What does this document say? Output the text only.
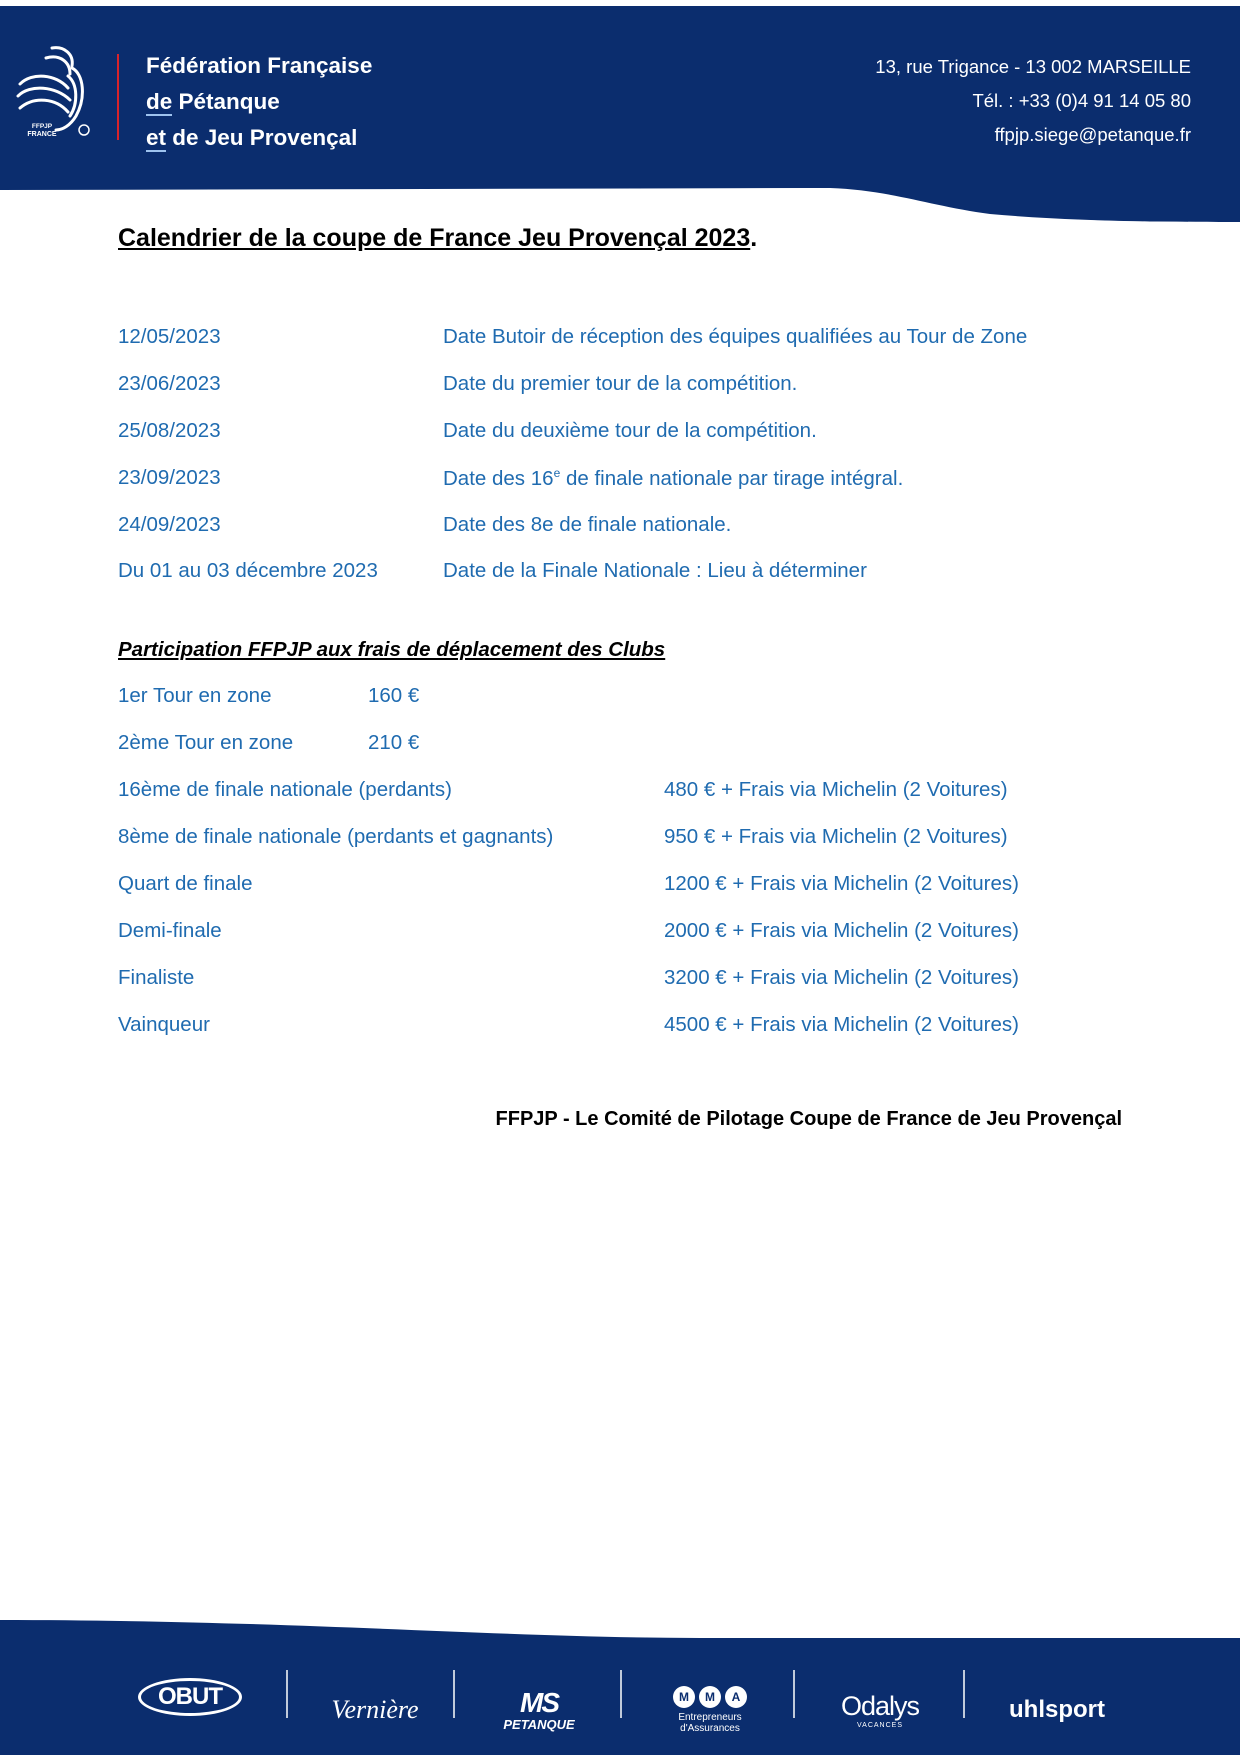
FFPJP
FRANCE
Fédération Française
de Pétanque
et de Jeu Provençal
13, rue Trigance - 13 002 MARSEILLE
Tél. : +33 (0)4 91 14 05 80
ffpjp.siege@petanque.fr
Calendrier de la coupe de France Jeu Provençal 2023.
12/05/2023	Date Butoir de réception des équipes qualifiées au Tour de Zone
23/06/2023	Date du premier tour de la compétition.
25/08/2023	Date du deuxième tour de la compétition.
23/09/2023	Date des 16e de finale nationale par tirage intégral.
24/09/2023	Date des 8e de finale nationale.
Du 01 au 03 décembre 2023	Date de la Finale Nationale : Lieu à déterminer
Participation FFPJP aux frais de déplacement des Clubs
1er Tour en zone	160 €
2ème Tour en zone	210 €
16ème de finale nationale (perdants)	480 € + Frais via Michelin (2 Voitures)
8ème de finale nationale (perdants et gagnants)	950 € + Frais via Michelin (2 Voitures)
Quart de finale	1200 € + Frais via Michelin (2 Voitures)
Demi-finale	2000 € + Frais via Michelin (2 Voitures)
Finaliste	3200 € + Frais via Michelin (2 Voitures)
Vainqueur	4500 € + Frais via Michelin (2 Voitures)
FFPJP - Le Comité de Pilotage Coupe de France de Jeu Provençal
OBUT	Vernière	MS
PETANQUE
M	M	A
Entrepreneurs
d'Assurances
Odalys
VACANCES
uhlsport
